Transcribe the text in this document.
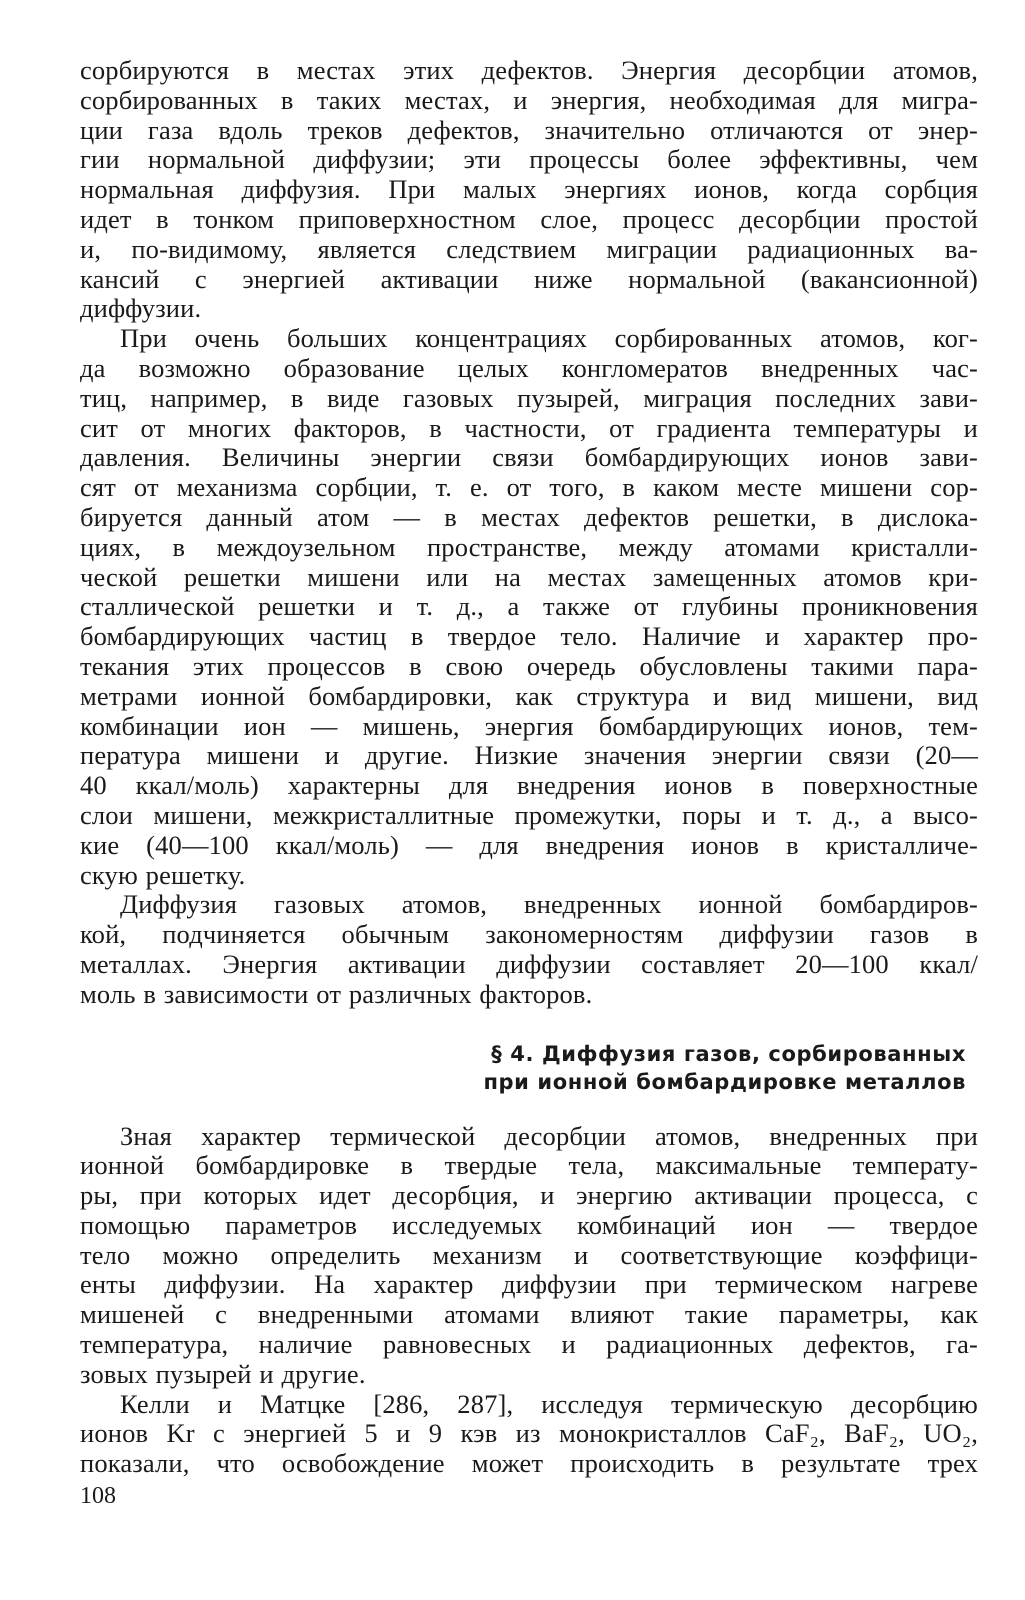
сорбируются в местах этих дефектов. Энергия десорбции атомов,
сорбированных в таких местах, и энергия, необходимая для мигра-
ции газа вдоль треков дефектов, значительно отличаются от энер-
гии нормальной диффузии; эти процессы более эффективны, чем
нормальная диффузия. При малых энергиях ионов, когда сорбция
идет в тонком приповерхностном слое, процесс десорбции простой
и, по-видимому, является следствием миграции радиационных ва-
кансий с энергией активации ниже нормальной (вакансионной)
диффузии.
При очень больших концентрациях сорбированных атомов, ког-
да возможно образование целых конгломератов внедренных час-
тиц, например, в виде газовых пузырей, миграция последних зави-
сит от многих факторов, в частности, от градиента температуры и
давления. Величины энергии связи бомбардирующих ионов зави-
сят от механизма сорбции, т. е. от того, в каком месте мишени сор-
бируется данный атом — в местах дефектов решетки, в дислока-
циях, в междоузельном пространстве, между атомами кристалли-
ческой решетки мишени или на местах замещенных атомов кри-
сталлической решетки и т. д., а также от глубины проникновения
бомбардирующих частиц в твердое тело. Наличие и характер про-
текания этих процессов в свою очередь обусловлены такими пара-
метрами ионной бомбардировки, как структура и вид мишени, вид
комбинации ион — мишень, энергия бомбардирующих ионов, тем-
пература мишени и другие. Низкие значения энергии связи (20—
40 ккал/моль) характерны для внедрения ионов в поверхностные
слои мишени, межкристаллитные промежутки, поры и т. д., а высо-
кие (40—100 ккал/моль) — для внедрения ионов в кристалличе-
скую решетку.
Диффузия газовых атомов, внедренных ионной бомбардиров-
кой, подчиняется обычным закономерностям диффузии газов в
металлах. Энергия активации диффузии составляет 20—100 ккал/
моль в зависимости от различных факторов.
§ 4. Диффузия газов, сорбированных
при ионной бомбардировке металлов
Зная характер термической десорбции атомов, внедренных при
ионной бомбардировке в твердые тела, максимальные температу-
ры, при которых идет десорбция, и энергию активации процесса, с
помощью параметров исследуемых комбинаций ион — твердое
тело можно определить механизм и соответствующие коэффици-
енты диффузии. На характер диффузии при термическом нагреве
мишеней с внедренными атомами влияют такие параметры, как
температура, наличие равновесных и радиационных дефектов, га-
зовых пузырей и другие.
Келли и Матцке [286, 287], исследуя термическую десорбцию
ионов Kr с энергией 5 и 9 кэв из монокристаллов CaF₂, BaF₂, UO₂,
показали, что освобождение может происходить в результате трех
108
